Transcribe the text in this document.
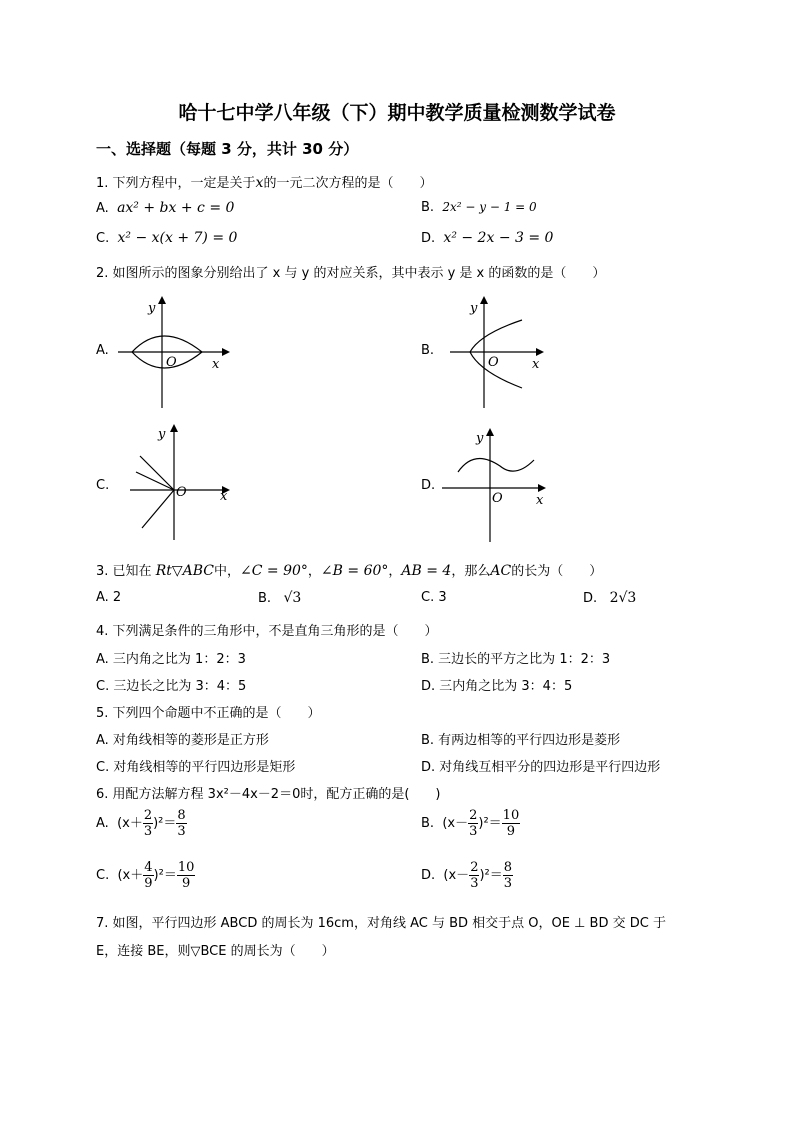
哈十七中学八年级（下）期中教学质量检测数学试卷
一、选择题（每题 3 分，共计 30 分）
1. 下列方程中，一定是关于x的一元二次方程的是（　　）
A. ax² + bx + c = 0	B. 2x² − y − 1 = 0
C. x² − x(x + 7) = 0	D. x² − 2x − 3 = 0
2. 如图所示的图象分别给出了 x 与 y 的对应关系，其中表示 y 是 x 的函数的是（　　）
A.
y
x
O
B.
y
x
O
C.
y
x
O	D.
y
x
O
3. 已知在 Rt▽ABC中，∠C = 90°，∠B = 60°，AB = 4，那么AC的长为（　　）
A. 2	B. √3	C. 3	D. 2√3
4. 下列满足条件的三角形中，不是直角三角形的是（　　）
A. 三内角之比为 1：2：3	B. 三边长的平方之比为 1：2：3
C. 三边长之比为 3：4：5	D. 三内角之比为 3：4：5
5. 下列四个命题中不正确的是（　　）
A. 对角线相等的菱形是正方形	B. 有两边相等的平行四边形是菱形
C. 对角线相等的平行四边形是矩形	D. 对角线互相平分的四边形是平行四边形
6. 用配方法解方程 3x²－4x－2＝0时，配方正确的是(　　)
A. $(x+ \frac{2}{3} )^2= \frac{8}{3}$	B. $(x- \frac{2}{3} )^2= \frac{10}{9}$
C. $(x+ \frac{4}{9} )^2= \frac{10}{9}$	D. $(x- \frac{2}{3} )^2= \frac{8}{3}$
7. 如图，平行四边形 ABCD 的周长为 16cm，对角线 AC 与 BD 相交于点 O，OE ⊥ BD 交 DC 于
E，连接 BE，则▽BCE 的周长为（　　）
